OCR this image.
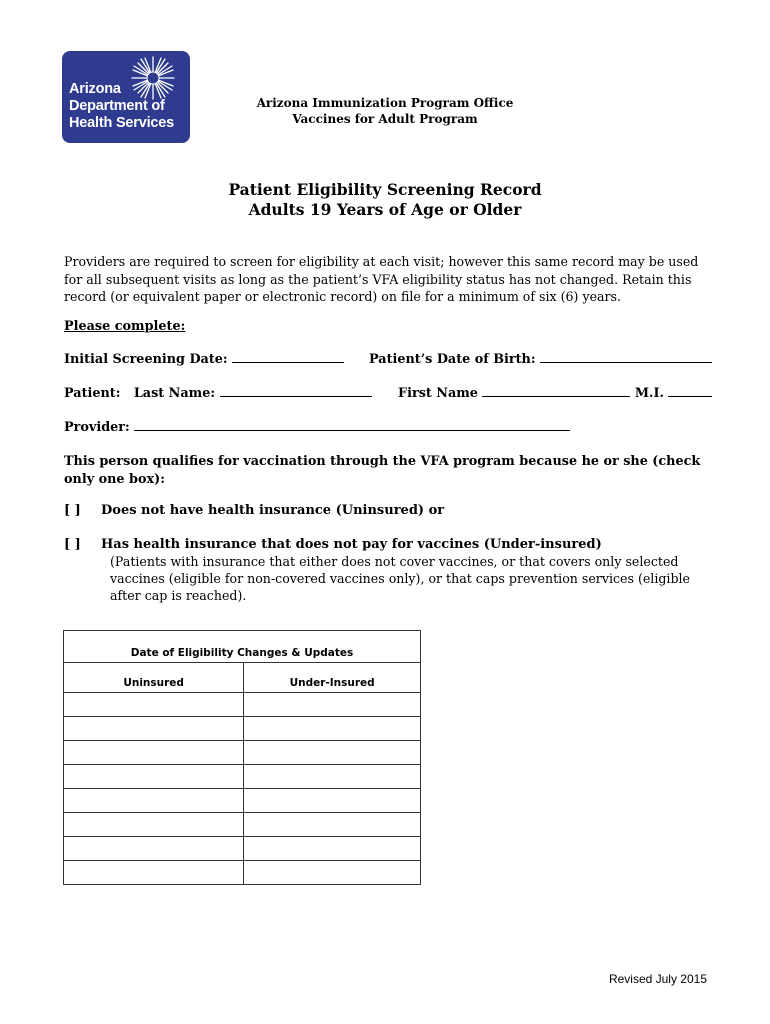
Arizona
Department of
Health Services
Arizona Immunization Program Office
Vaccines for Adult Program
Patient Eligibility Screening Record
Adults 19 Years of Age or Older
Providers are required to screen for eligibility at each visit; however this same record may be used for all subsequent visits as long as the patient’s VFA eligibility status has not changed. Retain this record (or equivalent paper or electronic record) on file for a minimum of six (6) years.
Please complete:
Initial Screening Date:	Patient’s Date of Birth:
Patient: Last Name:	First Name	M.I.
Provider:
This person qualifies for vaccination through the VFA program because he or she (check only one box):
[ ] Does not have health insurance (Uninsured) or
[ ] Has health insurance that does not pay for vaccines (Under-insured)
(Patients with insurance that either does not cover vaccines, or that covers only selected vaccines (eligible for non-covered vaccines only), or that caps prevention services (eligible after cap is reached).
Date of Eligibility Changes & Updates	
Uninsured	Under-Insured

Revised July 2015
